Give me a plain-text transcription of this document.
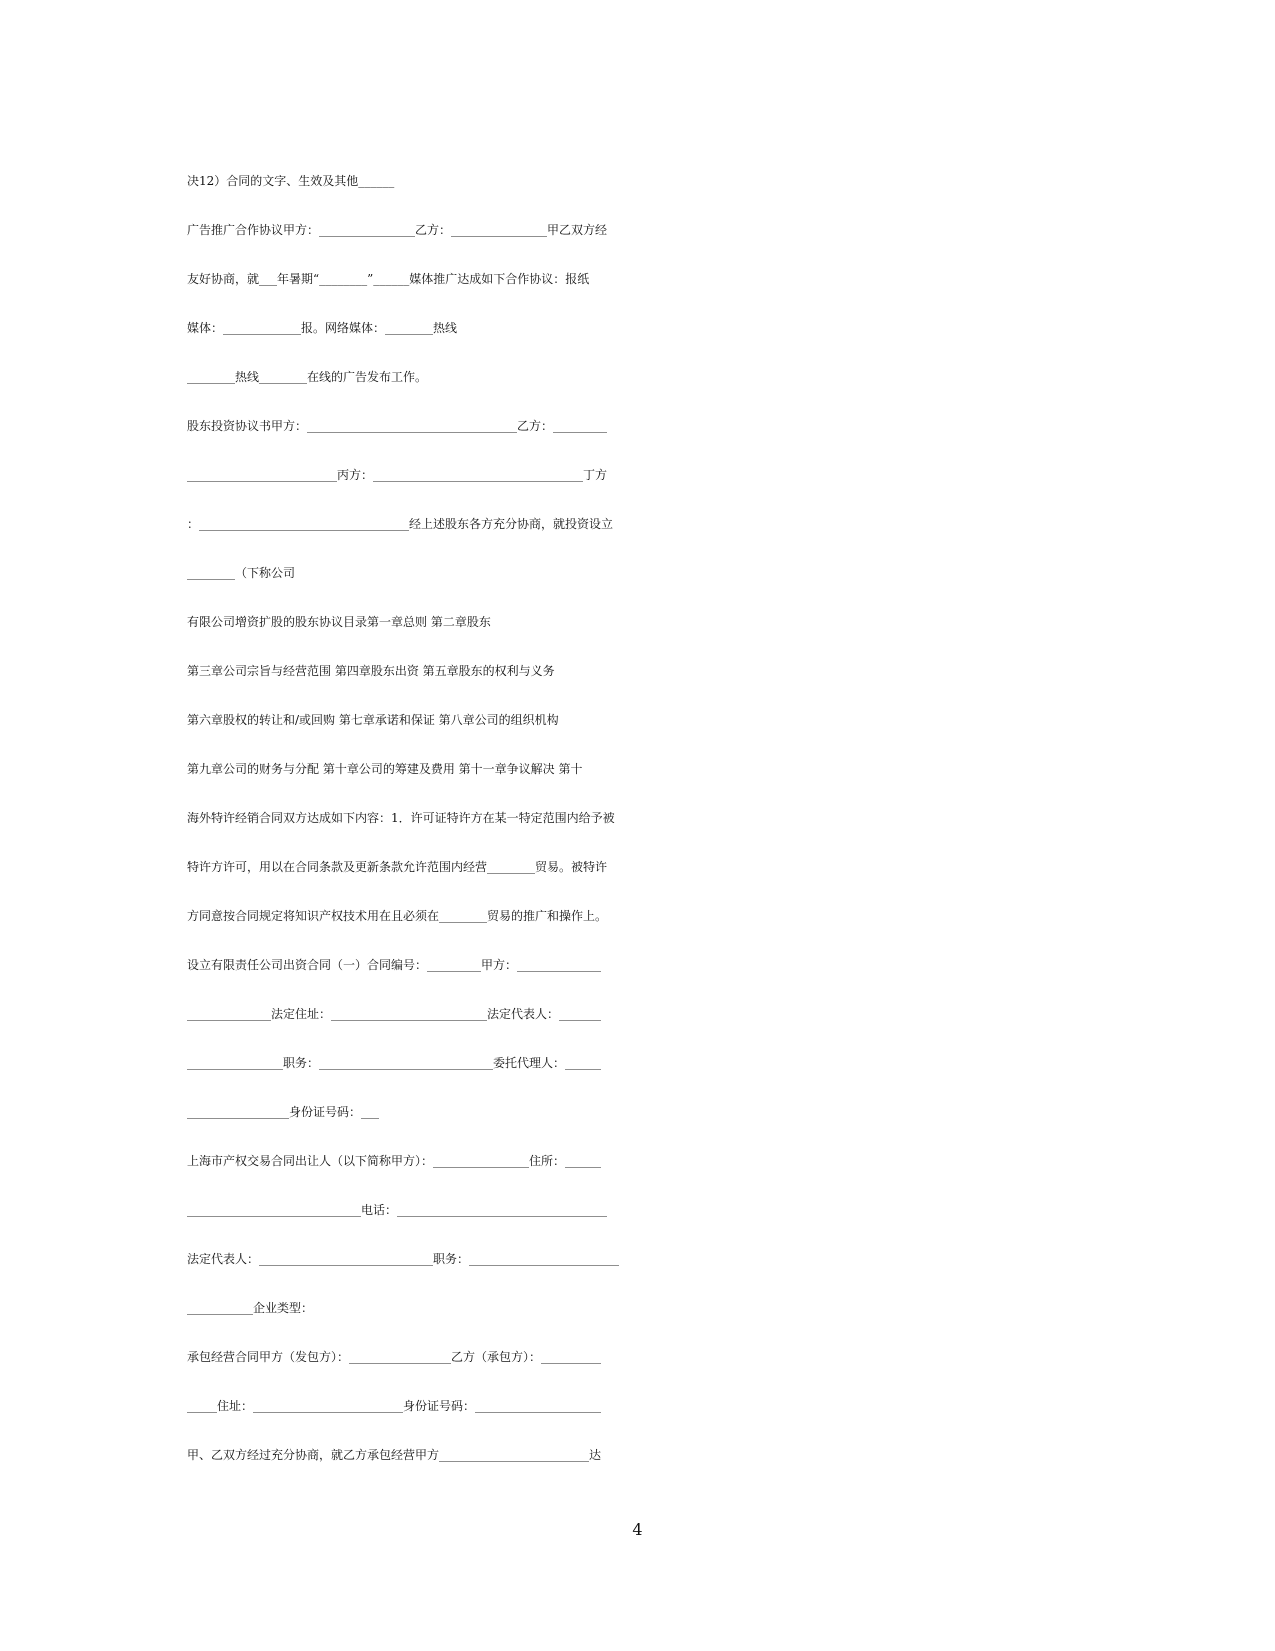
决12）合同的文字、生效及其他______
广告推广合作协议甲方：________________乙方：________________甲乙双方经
友好协商，就___年暑期“________”______媒体推广达成如下合作协议：报纸
媒体：_____________报。网络媒体：________热线
________热线________在线的广告发布工作。
股东投资协议书甲方：___________________________________乙方：_________
_________________________丙方：___________________________________丁方
：___________________________________经上述股东各方充分协商，就投资设立
________（下称公司
有限公司增资扩股的股东协议目录第一章总则 第二章股东
第三章公司宗旨与经营范围 第四章股东出资 第五章股东的权利与义务
第六章股权的转让和/或回购 第七章承诺和保证 第八章公司的组织机构
第九章公司的财务与分配 第十章公司的筹建及费用 第十一章争议解决 第十
海外特许经销合同双方达成如下内容：1．许可证特许方在某一特定范围内给予被
特许方许可，用以在合同条款及更新条款允许范围内经营________贸易。被特许
方同意按合同规定将知识产权技术用在且必须在________贸易的推广和操作上。
设立有限责任公司出资合同（一）合同编号：_________甲方：______________
______________法定住址：__________________________法定代表人：_______
________________职务：_____________________________委托代理人：______
_________________身份证号码：___
上海市产权交易合同出让人（以下简称甲方）：________________住所：______
_____________________________电话：___________________________________
法定代表人：_____________________________职务：_________________________
___________企业类型：
承包经营合同甲方（发包方）：_________________乙方（承包方）：__________
_____住址：_________________________身份证号码：_____________________
甲、乙双方经过充分协商，就乙方承包经营甲方_________________________达
4
